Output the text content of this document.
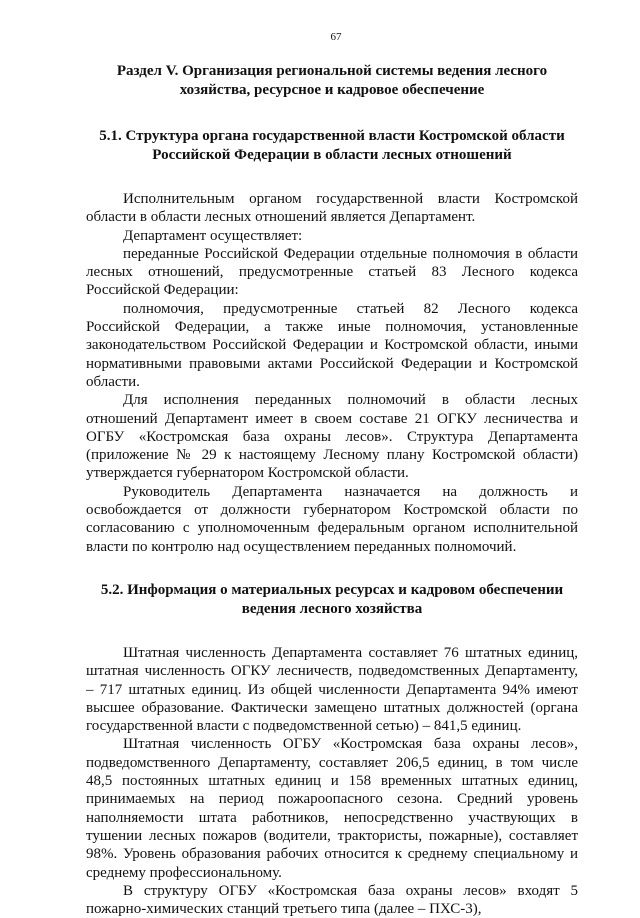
67
Раздел V. Организация региональной системы ведения лесного хозяйства, ресурсное и кадровое обеспечение
5.1. Структура органа государственной власти Костромской области Российской Федерации в области лесных отношений

Исполнительным органом государственной власти Костромской области в области лесных отношений является Департамент.

Департамент осуществляет:

переданные Российской Федерации отдельные полномочия в области лесных отношений, предусмотренные статьей 83 Лесного кодекса Российской Федерации:

полномочия, предусмотренные статьей 82 Лесного кодекса Российской Федерации, а также иные полномочия, установленные законодательством Российской Федерации и Костромской области, иными нормативными правовыми актами Российской Федерации и Костромской области.

Для исполнения переданных полномочий в области лесных отношений Департамент имеет в своем составе 21 ОГКУ лесничества и ОГБУ «Костромская база охраны лесов». Структура Департамента (приложение № 29 к настоящему Лесному плану Костромской области) утверждается губернатором Костромской области.

Руководитель Департамента назначается на должность и освобождается от должности губернатором Костромской области по согласованию с уполномоченным федеральным органом исполнительной власти по контролю над осуществлением переданных полномочий.

5.2. Информация о материальных ресурсах и кадровом обеспечении ведения лесного хозяйства

Штатная численность Департамента составляет 76 штатных единиц, штатная численность ОГКУ лесничеств, подведомственных Департаменту, – 717 штатных единиц. Из общей численности Департамента 94% имеют высшее образование. Фактически замещено штатных должностей (органа государственной власти с подведомственной сетью) – 841,5 единиц.

Штатная численность ОГБУ «Костромская база охраны лесов», подведомственного Департаменту, составляет 206,5 единиц, в том числе 48,5 постоянных штатных единиц и 158 временных штатных единиц, принимаемых на период пожароопасного сезона. Средний уровень наполняемости штата работников, непосредственно участвующих в тушении лесных пожаров (водители, трактористы, пожарные), составляет 98%. Уровень образования рабочих относится к среднему специальному и среднему профессиональному.

В структуру ОГБУ «Костромская база охраны лесов» входят 5 пожарно-химических станций третьего типа (далее – ПХС-3),
